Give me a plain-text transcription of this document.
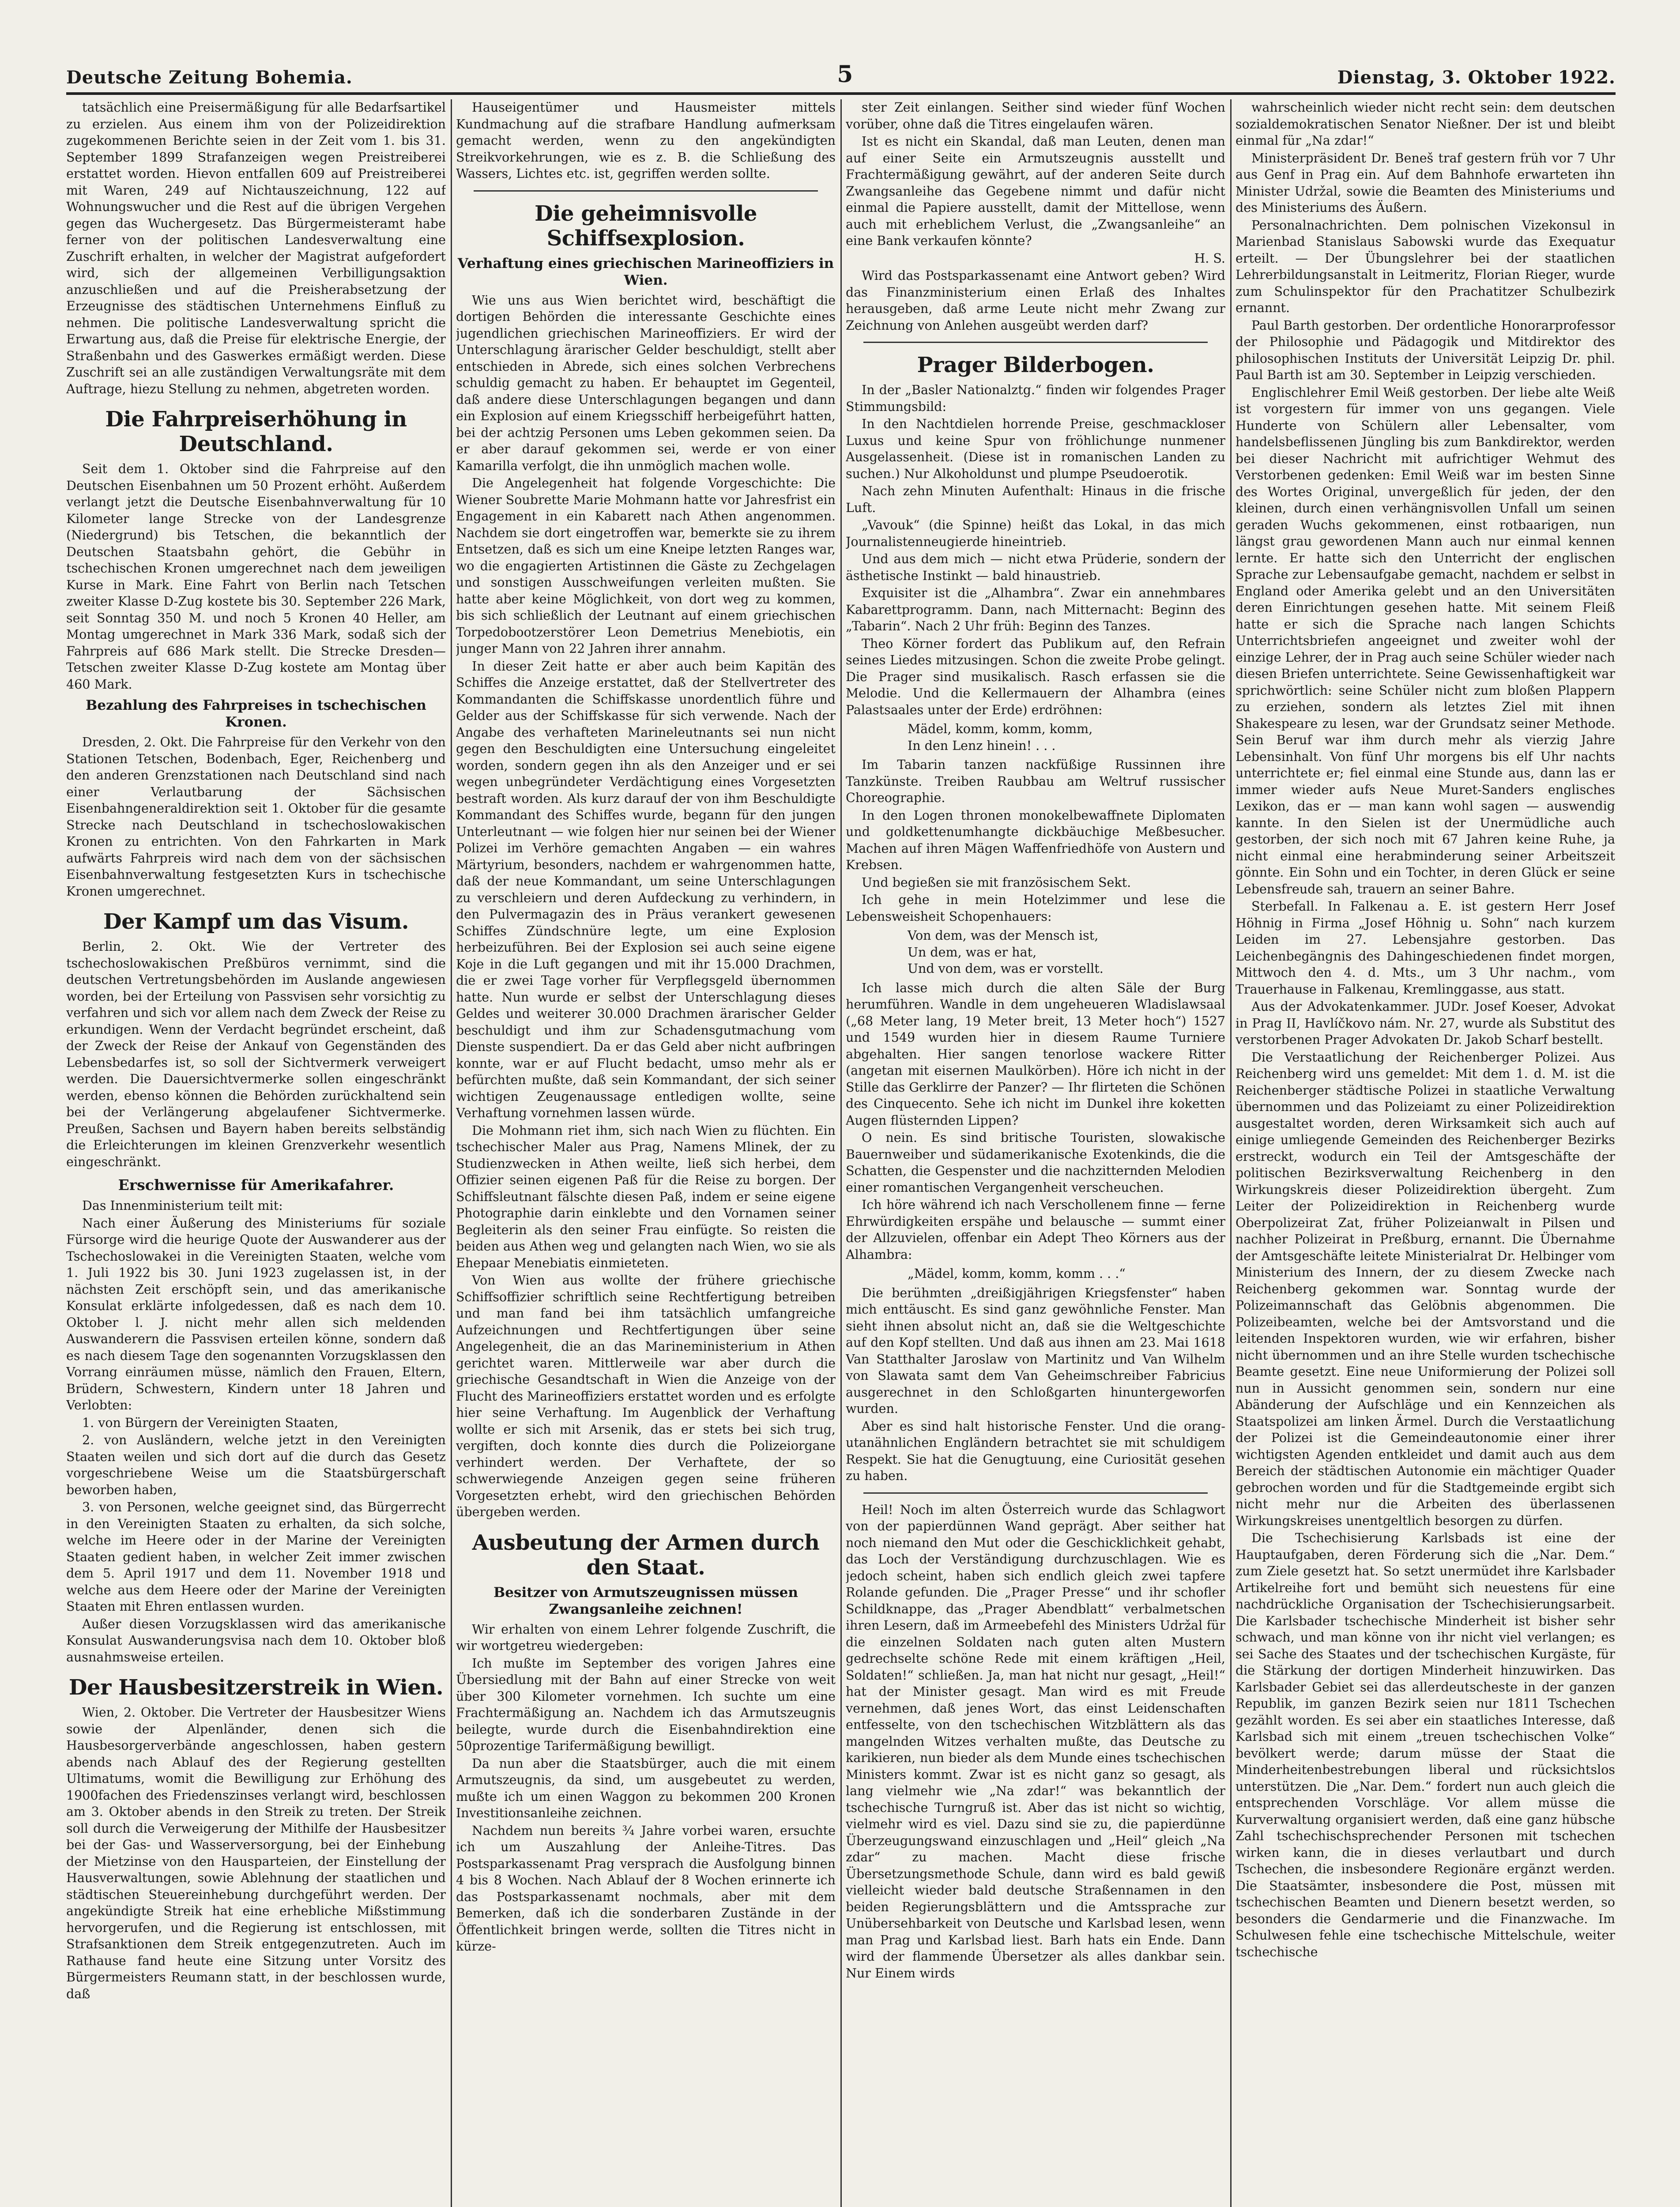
Deutsche Zeitung Bohemia.	5	Dienstag, 3. Oktober 1922.

tatsächlich eine Preisermäßigung für alle Bedarfsartikel zu erzielen. Aus einem ihm von der Polizeidirektion zugekommenen Berichte seien in der Zeit vom 1. bis 31. September 1899 Strafanzeigen wegen Preistreiberei erstattet worden. Hievon entfallen 609 auf Preistreiberei mit Waren, 249 auf Nichtauszeichnung, 122 auf Wohnungswucher und die Rest auf die übrigen Vergehen gegen das Wuchergesetz. Das Bürgermeisteramt habe ferner von der politischen Landesverwaltung eine Zuschrift erhalten, in welcher der Magistrat aufgefordert wird, sich der allgemeinen Verbilligungsaktion anzuschließen und auf die Preisherabsetzung der Erzeugnisse des städtischen Unternehmens Einfluß zu nehmen. Die politische Landesverwaltung spricht die Erwartung aus, daß die Preise für elektrische Energie, der Straßenbahn und des Gaswerkes ermäßigt werden. Diese Zuschrift sei an alle zuständigen Verwaltungsräte mit dem Auftrage, hiezu Stellung zu nehmen, abgetreten worden.

Die Fahrpreiserhöhung in Deutschland.

Seit dem 1. Oktober sind die Fahrpreise auf den Deutschen Eisenbahnen um 50 Prozent erhöht. Außerdem verlangt jetzt die Deutsche Eisenbahnverwaltung für 10 Kilometer lange Strecke von der Landesgrenze (Niedergrund) bis Tetschen, die bekanntlich der Deutschen Staatsbahn gehört, die Gebühr in tschechischen Kronen umgerechnet nach dem jeweiligen Kurse in Mark. Eine Fahrt von Berlin nach Tetschen zweiter Klasse D-Zug kostete bis 30. September 226 Mark, seit Sonntag 350 M. und noch 5 Kronen 40 Heller, am Montag umgerechnet in Mark 336 Mark, sodaß sich der Fahrpreis auf 686 Mark stellt. Die Strecke Dresden—Tetschen zweiter Klasse D-Zug kostete am Montag über 460 Mark.

Bezahlung des Fahrpreises in tschechischen Kronen.

Dresden, 2. Okt. Die Fahrpreise für den Verkehr von den Stationen Tetschen, Bodenbach, Eger, Reichenberg und den anderen Grenzstationen nach Deutschland sind nach einer Verlautbarung der Sächsischen Eisenbahngeneraldirektion seit 1. Oktober für die gesamte Strecke nach Deutschland in tschechoslowakischen Kronen zu entrichten. Von den Fahrkarten in Mark aufwärts Fahrpreis wird nach dem von der sächsischen Eisenbahnverwaltung festgesetzten Kurs in tschechische Kronen umgerechnet.

Der Kampf um das Visum.

Berlin, 2. Okt. Wie der Vertreter des tschechoslowakischen Preßbüros vernimmt, sind die deutschen Vertretungsbehörden im Auslande angewiesen worden, bei der Erteilung von Passvisen sehr vorsichtig zu verfahren und sich vor allem nach dem Zweck der Reise zu erkundigen. Wenn der Verdacht begründet erscheint, daß der Zweck der Reise der Ankauf von Gegenständen des Lebensbedarfes ist, so soll der Sichtvermerk verweigert werden. Die Dauersichtvermerke sollen eingeschränkt werden, ebenso können die Behörden zurückhaltend sein bei der Verlängerung abgelaufener Sichtvermerke. Preußen, Sachsen und Bayern haben bereits selbständig die Erleichterungen im kleinen Grenzverkehr wesentlich eingeschränkt.

Erschwernisse für Amerikafahrer.

Das Innenministerium teilt mit:

Nach einer Äußerung des Ministeriums für soziale Fürsorge wird die heurige Quote der Auswanderer aus der Tschechoslowakei in die Vereinigten Staaten, welche vom 1. Juli 1922 bis 30. Juni 1923 zugelassen ist, in der nächsten Zeit erschöpft sein, und das amerikanische Konsulat erklärte infolgedessen, daß es nach dem 10. Oktober l. J. nicht mehr allen sich meldenden Auswanderern die Passvisen erteilen könne, sondern daß es nach diesem Tage den sogenannten Vorzugsklassen den Vorrang einräumen müsse, nämlich den Frauen, Eltern, Brüdern, Schwestern, Kindern unter 18 Jahren und Verlobten:

1. von Bürgern der Vereinigten Staaten,

2. von Ausländern, welche jetzt in den Vereinigten Staaten weilen und sich dort auf die durch das Gesetz vorgeschriebene Weise um die Staatsbürgerschaft beworben haben,

3. von Personen, welche geeignet sind, das Bürgerrecht in den Vereinigten Staaten zu erhalten, da sich solche, welche im Heere oder in der Marine der Vereinigten Staaten gedient haben, in welcher Zeit immer zwischen dem 5. April 1917 und dem 11. November 1918 und welche aus dem Heere oder der Marine der Vereinigten Staaten mit Ehren entlassen wurden.

Außer diesen Vorzugsklassen wird das amerikanische Konsulat Auswanderungsvisa nach dem 10. Oktober bloß ausnahmsweise erteilen.

Der Hausbesitzerstreik in Wien.

Wien, 2. Oktober. Die Vertreter der Hausbesitzer Wiens sowie der Alpenländer, denen sich die Hausbesorgerverbände angeschlossen, haben gestern abends nach Ablauf des der Regierung gestellten Ultimatums, womit die Bewilligung zur Erhöhung des 1900fachen des Friedenszinses verlangt wird, beschlossen am 3. Oktober abends in den Streik zu treten. Der Streik soll durch die Verweigerung der Mithilfe der Hausbesitzer bei der Gas- und Wasserversorgung, bei der Einhebung der Mietzinse von den Hausparteien, der Einstellung der Hausverwaltungen, sowie Ablehnung der staatlichen und städtischen Steuereinhebung durchgeführt werden. Der angekündigte Streik hat eine erhebliche Mißstimmung hervorgerufen, und die Regierung ist entschlossen, mit Strafsanktionen dem Streik entgegenzutreten. Auch im Rathause fand heute eine Sitzung unter Vorsitz des Bürgermeisters Reumann statt, in der beschlossen wurde, daß

Hauseigentümer und Hausmeister mittels Kundmachung auf die strafbare Handlung aufmerksam gemacht werden, wenn zu den angekündigten Streikvorkehrungen, wie es z. B. die Schließung des Wassers, Lichtes etc. ist, gegriffen werden sollte.

Die geheimnisvolle Schiffsexplosion.
Verhaftung eines griechischen Marineoffiziers in Wien.

Wie uns aus Wien berichtet wird, beschäftigt die dortigen Behörden die interessante Geschichte eines jugendlichen griechischen Marineoffiziers. Er wird der Unterschlagung ärarischer Gelder beschuldigt, stellt aber entschieden in Abrede, sich eines solchen Verbrechens schuldig gemacht zu haben. Er behauptet im Gegenteil, daß andere diese Unterschlagungen begangen und dann ein Explosion auf einem Kriegsschiff herbeigeführt hatten, bei der achtzig Personen ums Leben gekommen seien. Da er aber darauf gekommen sei, werde er von einer Kamarilla verfolgt, die ihn unmöglich machen wolle.

Die Angelegenheit hat folgende Vorgeschichte: Die Wiener Soubrette Marie Mohmann hatte vor Jahresfrist ein Engagement in ein Kabarett nach Athen angenommen. Nachdem sie dort eingetroffen war, bemerkte sie zu ihrem Entsetzen, daß es sich um eine Kneipe letzten Ranges war, wo die engagierten Artistinnen die Gäste zu Zechgelagen und sonstigen Ausschweifungen verleiten mußten. Sie hatte aber keine Möglichkeit, von dort weg zu kommen, bis sich schließlich der Leutnant auf einem griechischen Torpedobootzerstörer Leon Demetrius Menebiotis, ein junger Mann von 22 Jahren ihrer annahm.

In dieser Zeit hatte er aber auch beim Kapitän des Schiffes die Anzeige erstattet, daß der Stellvertreter des Kommandanten die Schiffskasse unordentlich führe und Gelder aus der Schiffskasse für sich verwende. Nach der Angabe des verhafteten Marineleutnants sei nun nicht gegen den Beschuldigten eine Untersuchung eingeleitet worden, sondern gegen ihn als den Anzeiger und er sei wegen unbegründeter Verdächtigung eines Vorgesetzten bestraft worden. Als kurz darauf der von ihm Beschuldigte Kommandant des Schiffes wurde, begann für den jungen Unterleutnant — wie folgen hier nur seinen bei der Wiener Polizei im Verhöre gemachten Angaben — ein wahres Märtyrium, besonders, nachdem er wahrgenommen hatte, daß der neue Kommandant, um seine Unterschlagungen zu verschleiern und deren Aufdeckung zu verhindern, in den Pulvermagazin des in Präus verankert gewesenen Schiffes Zündschnüre legte, um eine Explosion herbeizuführen. Bei der Explosion sei auch seine eigene Koje in die Luft gegangen und mit ihr 15.000 Drachmen, die er zwei Tage vorher für Verpflegsgeld übernommen hatte. Nun wurde er selbst der Unterschlagung dieses Geldes und weiterer 30.000 Drachmen ärarischer Gelder beschuldigt und ihm zur Schadensgutmachung vom Dienste suspendiert. Da er das Geld aber nicht aufbringen konnte, war er auf Flucht bedacht, umso mehr als er befürchten mußte, daß sein Kommandant, der sich seiner wichtigen Zeugenaussage entledigen wollte, seine Verhaftung vornehmen lassen würde.

Die Mohmann riet ihm, sich nach Wien zu flüchten. Ein tschechischer Maler aus Prag, Namens Mlinek, der zu Studienzwecken in Athen weilte, ließ sich herbei, dem Offizier seinen eigenen Paß für die Reise zu borgen. Der Schiffsleutnant fälschte diesen Paß, indem er seine eigene Photographie darin einklebte und den Vornamen seiner Begleiterin als den seiner Frau einfügte. So reisten die beiden aus Athen weg und gelangten nach Wien, wo sie als Ehepaar Menebiatis einmieteten.

Von Wien aus wollte der frühere griechische Schiffsoffizier schriftlich seine Rechtfertigung betreiben und man fand bei ihm tatsächlich umfangreiche Aufzeichnungen und Rechtfertigungen über seine Angelegenheit, die an das Marineministerium in Athen gerichtet waren. Mittlerweile war aber durch die griechische Gesandtschaft in Wien die Anzeige von der Flucht des Marineoffiziers erstattet worden und es erfolgte hier seine Verhaftung. Im Augenblick der Verhaftung wollte er sich mit Arsenik, das er stets bei sich trug, vergiften, doch konnte dies durch die Polizeiorgane verhindert werden. Der Verhaftete, der so schwerwiegende Anzeigen gegen seine früheren Vorgesetzten erhebt, wird den griechischen Behörden übergeben werden.

Ausbeutung der Armen durch den Staat.
Besitzer von Armutszeugnissen müssen Zwangsanleihe zeichnen!

Wir erhalten von einem Lehrer folgende Zuschrift, die wir wortgetreu wiedergeben:

Ich mußte im September des vorigen Jahres eine Übersiedlung mit der Bahn auf einer Strecke von weit über 300 Kilometer vornehmen. Ich suchte um eine Frachtermäßigung an. Nachdem ich das Armutszeugnis beilegte, wurde durch die Eisenbahndirektion eine 50prozentige Tarifermäßigung bewilligt.

Da nun aber die Staatsbürger, auch die mit einem Armutszeugnis, da sind, um ausgebeutet zu werden, mußte ich um einen Waggon zu bekommen 200 Kronen Investitionsanleihe zeichnen.

Nachdem nun bereits ¾ Jahre vorbei waren, ersuchte ich um Auszahlung der Anleihe-Titres. Das Postsparkassenamt Prag versprach die Ausfolgung binnen 4 bis 8 Wochen. Nach Ablauf der 8 Wochen erinnerte ich das Postsparkassenamt nochmals, aber mit dem Bemerken, daß ich die sonderbaren Zustände in der Öffentlichkeit bringen werde, sollten die Titres nicht in kürze-

ster Zeit einlangen. Seither sind wieder fünf Wochen vorüber, ohne daß die Titres eingelaufen wären.

Ist es nicht ein Skandal, daß man Leuten, denen man auf einer Seite ein Armutszeugnis ausstellt und Frachtermäßigung gewährt, auf der anderen Seite durch Zwangsanleihe das Gegebene nimmt und dafür nicht einmal die Papiere ausstellt, damit der Mittellose, wenn auch mit erheblichem Verlust, die „Zwangsanleihe“ an eine Bank verkaufen könnte?

H. S.

Wird das Postsparkassenamt eine Antwort geben? Wird das Finanzministerium einen Erlaß des Inhaltes herausgeben, daß arme Leute nicht mehr Zwang zur Zeichnung von Anlehen ausgeübt werden darf?

Prager Bilderbogen.

In der „Basler Nationalztg.“ finden wir folgendes Prager Stimmungsbild:

In den Nachtdielen horrende Preise, geschmackloser Luxus und keine Spur von fröhlichunge nunmener Ausgelassenheit. (Diese ist in romanischen Landen zu suchen.) Nur Alkoholdunst und plumpe Pseudoerotik.

Nach zehn Minuten Aufenthalt: Hinaus in die frische Luft.

„Vavouk“ (die Spinne) heißt das Lokal, in das mich Journalistenneugierde hineintrieb.

Und aus dem mich — nicht etwa Prüderie, sondern der ästhetische Instinkt — bald hinaustrieb.

Exquisiter ist die „Alhambra“. Zwar ein annehmbares Kabarettprogramm. Dann, nach Mitternacht: Beginn des „Tabarin“. Nach 2 Uhr früh: Beginn des Tanzes.

Theo Körner fordert das Publikum auf, den Refrain seines Liedes mitzusingen. Schon die zweite Probe gelingt. Die Prager sind musikalisch. Rasch erfassen sie die Melodie. Und die Kellermauern der Alhambra (eines Palastsaales unter der Erde) erdröhnen:

Mädel, komm, komm, komm,
In den Lenz hinein! . . .

Im Tabarin tanzen nackfüßige Russinnen ihre Tanzkünste. Treiben Raubbau am Weltruf russischer Choreographie.

In den Logen thronen monokelbewaffnete Diplomaten und goldkettenumhangte dickbäuchige Meßbesucher. Machen auf ihren Mägen Waffenfriedhöfe von Austern und Krebsen.

Und begießen sie mit französischem Sekt.

Ich gehe in mein Hotelzimmer und lese die Lebensweisheit Schopenhauers:

Von dem, was der Mensch ist,
Un dem, was er hat,
Und von dem, was er vorstellt.

Ich lasse mich durch die alten Säle der Burg herumführen. Wandle in dem ungeheueren Wladislawsaal („68 Meter lang, 19 Meter breit, 13 Meter hoch“) 1527 und 1549 wurden hier in diesem Raume Turniere abgehalten. Hier sangen tenorlose wackere Ritter (angetan mit eisernen Maulkörben). Höre ich nicht in der Stille das Gerklirre der Panzer? — Ihr flirteten die Schönen des Cinquecento. Sehe ich nicht im Dunkel ihre koketten Augen flüsternden Lippen?

O nein. Es sind britische Touristen, slowakische Bauernweiber und südamerikanische Exotenkinds, die die Schatten, die Gespenster und die nachzitternden Melodien einer romantischen Vergangenheit verscheuchen.

Ich höre während ich nach Verschollenem finne — ferne Ehrwürdigkeiten erspähe und belausche — summt einer der Allzuvielen, offenbar ein Adept Theo Körners aus der Alhambra:

„Mädel, komm, komm, komm . . .“

Die berühmten „dreißigjährigen Kriegsfenster“ haben mich enttäuscht. Es sind ganz gewöhnliche Fenster. Man sieht ihnen absolut nicht an, daß sie die Weltgeschichte auf den Kopf stellten. Und daß aus ihnen am 23. Mai 1618 Van Statthalter Jaroslaw von Martinitz und Van Wilhelm von Slawata samt dem Van Geheimschreiber Fabricius ausgerechnet in den Schloßgarten hinuntergeworfen wurden.

Aber es sind halt historische Fenster. Und die orang-utanähnlichen Engländern betrachtet sie mit schuldigem Respekt. Sie hat die Genugtuung, eine Curiosität gesehen zu haben.

Heil! Noch im alten Österreich wurde das Schlagwort von der papierdünnen Wand geprägt. Aber seither hat noch niemand den Mut oder die Geschicklichkeit gehabt, das Loch der Verständigung durchzuschlagen. Wie es jedoch scheint, haben sich endlich gleich zwei tapfere Rolande gefunden. Die „Prager Presse“ und ihr schofler Schildknappe, das „Prager Abendblatt“ verbalmetschen ihren Lesern, daß im Armeebefehl des Ministers Udržal für die einzelnen Soldaten nach guten alten Mustern gedrechselte schöne Rede mit einem kräftigen „Heil, Soldaten!“ schließen. Ja, man hat nicht nur gesagt, „Heil!“ hat der Minister gesagt. Man wird es mit Freude vernehmen, daß jenes Wort, das einst Leidenschaften entfesselte, von den tschechischen Witzblättern als das mangelnden Witzes verhalten mußte, das Deutsche zu karikieren, nun bieder als dem Munde eines tschechischen Ministers kommt. Zwar ist es nicht ganz so gesagt, als lang vielmehr wie „Na zdar!“ was bekanntlich der tschechische Turngruß ist. Aber das ist nicht so wichtig, vielmehr wird es viel. Dazu sind sie zu, die papierdünne Überzeugungswand einzuschlagen und „Heil“ gleich „Na zdar“ zu machen. Macht diese frische Übersetzungsmethode Schule, dann wird es bald gewiß vielleicht wieder bald deutsche Straßennamen in den beiden Regierungsblättern und die Amtssprache zur Unübersehbarkeit von Deutsche und Karlsbad lesen, wenn man Prag und Karlsbad liest. Barh hats ein Ende. Dann wird der flammende Übersetzer als alles dankbar sein. Nur Einem wirds

wahrscheinlich wieder nicht recht sein: dem deutschen sozialdemokratischen Senator Nießner. Der ist und bleibt einmal für „Na zdar!“

Ministerpräsident Dr. Beneš traf gestern früh vor 7 Uhr aus Genf in Prag ein. Auf dem Bahnhofe erwarteten ihn Minister Udržal, sowie die Beamten des Ministeriums und des Ministeriums des Äußern.

Personalnachrichten. Dem polnischen Vizekonsul in Marienbad Stanislaus Sabowski wurde das Exequatur erteilt. — Der Übungslehrer bei der staatlichen Lehrerbildungsanstalt in Leitmeritz, Florian Rieger, wurde zum Schulinspektor für den Prachatitzer Schulbezirk ernannt.

Paul Barth gestorben. Der ordentliche Honorarprofessor der Philosophie und Pädagogik und Mitdirektor des philosophischen Instituts der Universität Leipzig Dr. phil. Paul Barth ist am 30. September in Leipzig verschieden.

Englischlehrer Emil Weiß gestorben. Der liebe alte Weiß ist vorgestern für immer von uns gegangen. Viele Hunderte von Schülern aller Lebensalter, vom handelsbeflissenen Jüngling bis zum Bankdirektor, werden bei dieser Nachricht mit aufrichtiger Wehmut des Verstorbenen gedenken: Emil Weiß war im besten Sinne des Wortes Original, unvergeßlich für jeden, der den kleinen, durch einen verhängnisvollen Unfall um seinen geraden Wuchs gekommenen, einst rotbaarigen, nun längst grau gewordenen Mann auch nur einmal kennen lernte. Er hatte sich den Unterricht der englischen Sprache zur Lebensaufgabe gemacht, nachdem er selbst in England oder Amerika gelebt und an den Universitäten deren Einrichtungen gesehen hatte. Mit seinem Fleiß hatte er sich die Sprache nach langen Schichts Unterrichtsbriefen angeeignet und zweiter wohl der einzige Lehrer, der in Prag auch seine Schüler wieder nach diesen Briefen unterrichtete. Seine Gewissenhaftigkeit war sprichwörtlich: seine Schüler nicht zum bloßen Plappern zu erziehen, sondern als letztes Ziel mit ihnen Shakespeare zu lesen, war der Grundsatz seiner Methode. Sein Beruf war ihm durch mehr als vierzig Jahre Lebensinhalt. Von fünf Uhr morgens bis elf Uhr nachts unterrichtete er; fiel einmal eine Stunde aus, dann las er immer wieder aufs Neue Muret-Sanders englisches Lexikon, das er — man kann wohl sagen — auswendig kannte. In den Sielen ist der Unermüdliche auch gestorben, der sich noch mit 67 Jahren keine Ruhe, ja nicht einmal eine herabminderung seiner Arbeitszeit gönnte. Ein Sohn und ein Tochter, in deren Glück er seine Lebensfreude sah, trauern an seiner Bahre.

Sterbefall. In Falkenau a. E. ist gestern Herr Josef Höhnig in Firma „Josef Höhnig u. Sohn“ nach kurzem Leiden im 27. Lebensjahre gestorben. Das Leichenbegängnis des Dahingeschiedenen findet morgen, Mittwoch den 4. d. Mts., um 3 Uhr nachm., vom Trauerhause in Falkenau, Kremlinggasse, aus statt.

Aus der Advokatenkammer. JUDr. Josef Koeser, Advokat in Prag II, Havlíčkovo nám. Nr. 27, wurde als Substitut des verstorbenen Prager Advokaten Dr. Jakob Scharf bestellt.

Die Verstaatlichung der Reichenberger Polizei. Aus Reichenberg wird uns gemeldet: Mit dem 1. d. M. ist die Reichenberger städtische Polizei in staatliche Verwaltung übernommen und das Polizeiamt zu einer Polizeidirektion ausgestaltet worden, deren Wirksamkeit sich auch auf einige umliegende Gemeinden des Reichenberger Bezirks erstreckt, wodurch ein Teil der Amtsgeschäfte der politischen Bezirksverwaltung Reichenberg in den Wirkungskreis dieser Polizeidirektion übergeht. Zum Leiter der Polizeidirektion in Reichenberg wurde Oberpolizeirat Zat, früher Polizeianwalt in Pilsen und nachher Polizeirat in Preßburg, ernannt. Die Übernahme der Amtsgeschäfte leitete Ministerialrat Dr. Helbinger vom Ministerium des Innern, der zu diesem Zwecke nach Reichenberg gekommen war. Sonntag wurde der Polizeimannschaft das Gelöbnis abgenommen. Die Polizeibeamten, welche bei der Amtsvorstand und die leitenden Inspektoren wurden, wie wir erfahren, bisher nicht übernommen und an ihre Stelle wurden tschechische Beamte gesetzt. Eine neue Uniformierung der Polizei soll nun in Aussicht genommen sein, sondern nur eine Abänderung der Aufschläge und ein Kennzeichen als Staatspolizei am linken Ärmel. Durch die Verstaatlichung der Polizei ist die Gemeindeautonomie einer ihrer wichtigsten Agenden entkleidet und damit auch aus dem Bereich der städtischen Autonomie ein mächtiger Quader gebrochen worden und für die Stadtgemeinde ergibt sich nicht mehr nur die Arbeiten des überlassenen Wirkungskreises unentgeltlich besorgen zu dürfen.

Die Tschechisierung Karlsbads ist eine der Hauptaufgaben, deren Förderung sich die „Nar. Dem.“ zum Ziele gesetzt hat. So setzt unermüdet ihre Karlsbader Artikelreihe fort und bemüht sich neuestens für eine nachdrückliche Organisation der Tschechisierungsarbeit. Die Karlsbader tschechische Minderheit ist bisher sehr schwach, und man könne von ihr nicht viel verlangen; es sei Sache des Staates und der tschechischen Kurgäste, für die Stärkung der dortigen Minderheit hinzuwirken. Das Karlsbader Gebiet sei das allerdeutscheste in der ganzen Republik, im ganzen Bezirk seien nur 1811 Tschechen gezählt worden. Es sei aber ein staatliches Interesse, daß Karlsbad sich mit einem „treuen tschechischen Volke“ bevölkert werde; darum müsse der Staat die Minderheitenbestrebungen liberal und rücksichtslos unterstützen. Die „Nar. Dem.“ fordert nun auch gleich die entsprechenden Vorschläge. Vor allem müsse die Kurverwaltung organisiert werden, daß eine ganz hübsche Zahl tschechischsprechender Personen mit tschechen wirken kann, die in dieses verlautbart und durch Tschechen, die insbesondere Regionäre ergänzt werden. Die Staatsämter, insbesondere die Post, müssen mit tschechischen Beamten und Dienern besetzt werden, so besonders die Gendarmerie und die Finanzwache. Im Schulwesen fehle eine tschechische Mittelschule, weiter tschechische
